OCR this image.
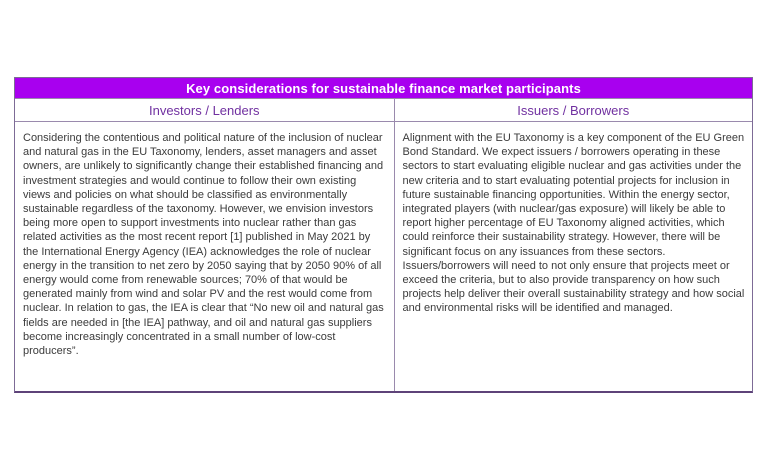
Key considerations for sustainable finance market participants
Investors / Lenders	Issuers / Borrowers
Considering the contentious and political nature of the inclusion of nuclear and natural gas in the EU Taxonomy, lenders, asset managers and asset owners, are unlikely to significantly change their established financing and investment strategies and would continue to follow their own existing views and policies on what should be classified as environmentally sustainable regardless of the taxonomy. However, we envision investors being more open to support investments into nuclear rather than gas related activities as the most recent report [1] published in May 2021 by the International Energy Agency (IEA) acknowledges the role of nuclear energy in the transition to net zero by 2050 saying that by 2050 90% of all energy would come from renewable sources; 70% of that would be generated mainly from wind and solar PV and the rest would come from nuclear. In relation to gas, the IEA is clear that “No new oil and natural gas fields are needed in [the IEA] pathway, and oil and natural gas suppliers become increasingly concentrated in a small number of low-cost producers”.
Alignment with the EU Taxonomy is a key component of the EU Green Bond Standard. We expect issuers / borrowers operating in these sectors to start evaluating eligible nuclear and gas activities under the new criteria and to start evaluating potential projects for inclusion in future sustainable financing opportunities. Within the energy sector, integrated players (with nuclear/gas exposure) will likely be able to report higher percentage of EU Taxonomy aligned activities, which could reinforce their sustainability strategy. However, there will be significant focus on any issuances from these sectors. Issuers/borrowers will need to not only ensure that projects meet or exceed the criteria, but to also provide transparency on how such projects help deliver their overall sustainability strategy and how social and environmental risks will be identified and managed.
